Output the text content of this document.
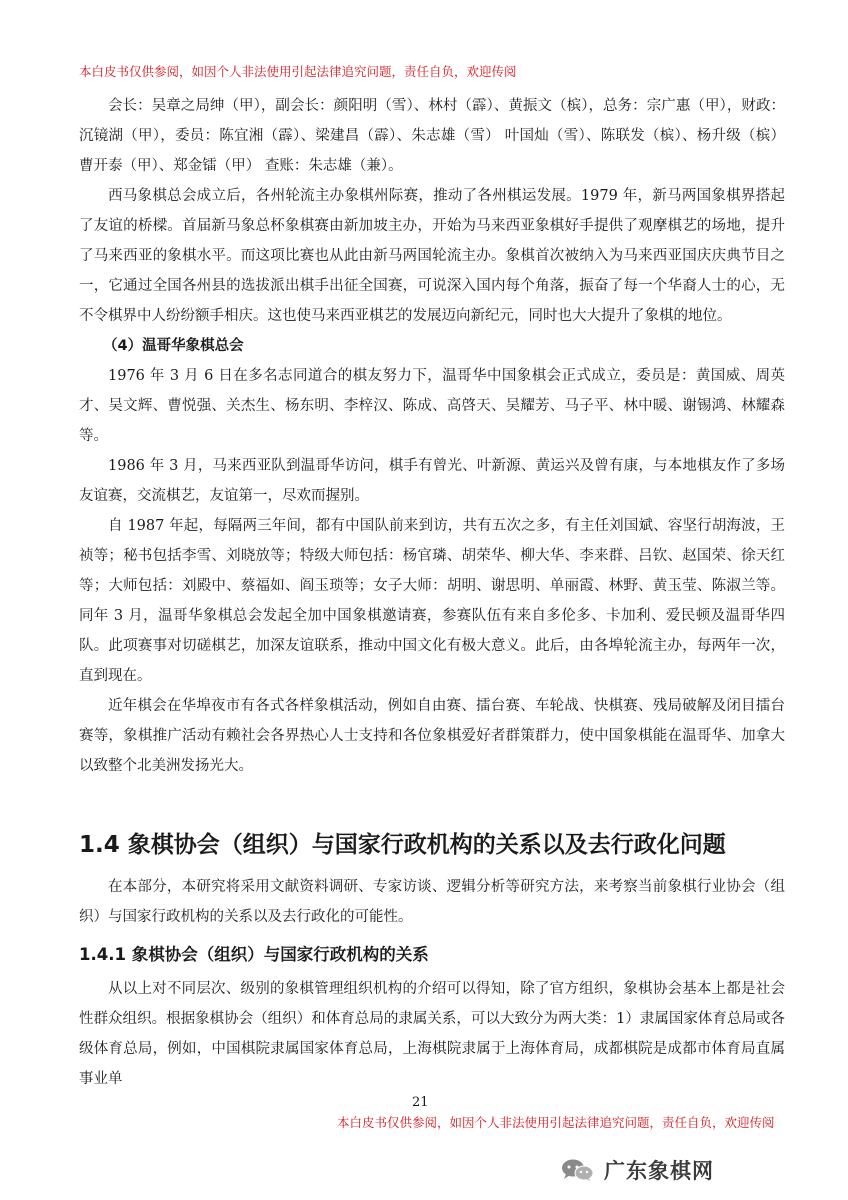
本白皮书仅供参阅，如因个人非法使用引起法律追究问题，责任自负，欢迎传阅

会长：吴章之局绅（甲），副会长：颜阳明（雪）、林村（霹）、黄振文（槟），总务：宗广惠（甲），财政：沉镜湖（甲），委员：陈宜湘（霹）、梁建昌（霹）、朱志雄（雪） 叶国灿（雪）、陈联发（槟）、杨升级（槟） 曹开泰（甲）、郑金镭（甲） 查账：朱志雄（兼）。

西马象棋总会成立后，各州轮流主办象棋州际赛，推动了各州棋运发展。1979 年，新马两国象棋界搭起了友谊的桥樑。首届新马象总杯象棋赛由新加坡主办，开始为马来西亚象棋好手提供了观摩棋艺的场地，提升了马来西亚的象棋水平。而这项比赛也从此由新马两国轮流主办。象棋首次被纳入为马来西亚国庆庆典节目之一，它通过全国各州县的选拔派出棋手出征全国赛，可说深入国内每个角落，振奋了每一个华裔人士的心，无不令棋界中人纷纷额手相庆。这也使马来西亚棋艺的发展迈向新纪元，同时也大大提升了象棋的地位。

（4）温哥华象棋总会

1976 年 3 月 6 日在多名志同道合的棋友努力下，温哥华中国象棋会正式成立，委员是：黄国威、周英才、吴文辉、曹悦强、关杰生、杨东明、李梓汉、陈成、高啓天、吴耀芳、马子平、林中暖、谢锡鸿、林耀森等。

1986 年 3 月，马来西亚队到温哥华访问，棋手有曾光、叶新源、黄运兴及曾有康，与本地棋友作了多场友谊赛，交流棋艺，友谊第一，尽欢而握别。

自 1987 年起，每隔两三年间，都有中国队前来到访，共有五次之多，有主任刘国斌、容坚行胡海波，王祯等；秘书包括李雪、刘晓放等；特级大师包括：杨官璘、胡荣华、柳大华、李来群、吕钦、赵国荣、徐天红等；大师包括：刘殿中、蔡福如、阎玉琐等；女子大师：胡明、谢思明、单丽霞、林野、黄玉莹、陈淑兰等。同年 3 月，温哥华象棋总会发起全加中国象棋邀请赛，参赛队伍有来自多伦多、卡加利、爱民顿及温哥华四队。此项赛事对切磋棋艺，加深友谊联系，推动中国文化有极大意义。此后，由各埠轮流主办，每两年一次，直到现在。

近年棋会在华埠夜市有各式各样象棋活动，例如自由赛、擂台赛、车轮战、快棋赛、残局破解及闭目擂台赛等，象棋推广活动有赖社会各界热心人士支持和各位象棋爱好者群策群力，使中国象棋能在温哥华、加拿大以致整个北美洲发扬光大。

1.4 象棋协会（组织）与国家行政机构的关系以及去行政化问题

在本部分，本研究将采用文献资料调研、专家访谈、逻辑分析等研究方法，来考察当前象棋行业协会（组织）与国家行政机构的关系以及去行政化的可能性。

1.4.1 象棋协会（组织）与国家行政机构的关系

从以上对不同层次、级别的象棋管理组织机构的介绍可以得知，除了官方组织，象棋协会基本上都是社会性群众组织。根据象棋协会（组织）和体育总局的隶属关系，可以大致分为两大类：1）隶属国家体育总局或各级体育总局，例如，中国棋院隶属国家体育总局，上海棋院隶属于上海体育局，成都棋院是成都市体育局直属事业单

21
本白皮书仅供参阅，如因个人非法使用引起法律追究问题，责任自负，欢迎传阅
广东象棋网
